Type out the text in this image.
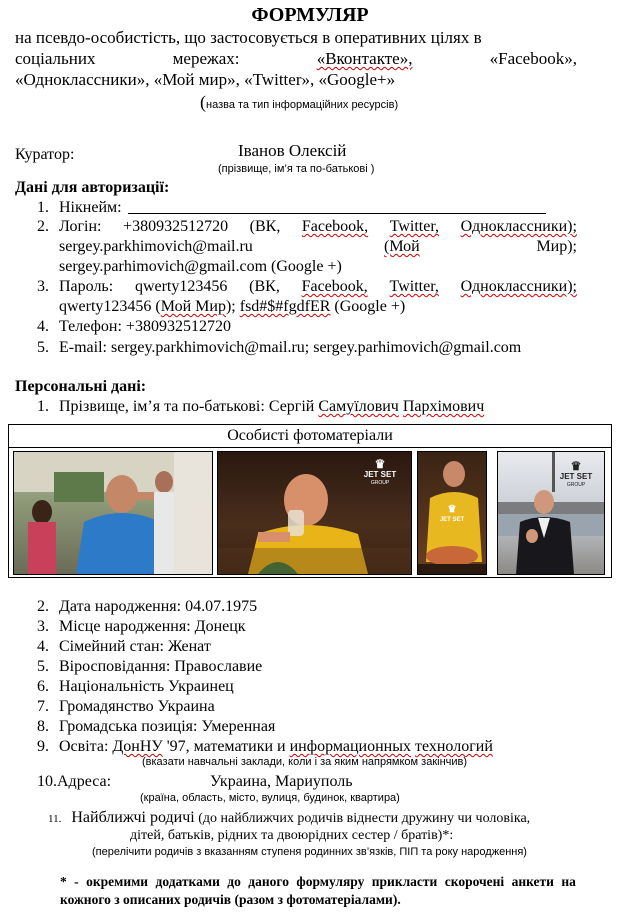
ФОРМУЛЯР
на псевдо-особистість, що застосовується в оперативних цілях в
соціальних	мережах:	«Вконтакте»,	«Facebook»,
«Одноклассники», «Мой мир», «Twitter», «Google+»
(назва та тип інформаційних ресурсів)
Куратор:	Іванов Олексій
(прізвище, ім’я та по-батькові )
Дані для авторизації:
1. Нікнейм:
2. Логін: +380932512720 (ВК, Facebook, Twitter, Одноклассники);
sergey.parkhimovich@mail.ru	(Мой	Мир);
sergey.parhimovich@gmail.com (Google +)
3. Пароль: qwerty123456 (ВК, Facebook, Twitter, Одноклассники);
qwerty123456 (Мой Мир); fsd#$#fgdfER (Google +)
4. Телефон: +380932512720
5. E-mail: sergey.parkhimovich@mail.ru; sergey.parhimovich@gmail.com
Персональні дані:
1. Прізвище, ім’я та по-батькові: Сергій Самуїлович Пархімович
Особисті фотоматеріали
♛
JET SET
GROUP
♛
JET SET
♛
JET SET
GROUP
2. Дата народження: 04.07.1975
3. Місце народження: Донецк
4. Сімейний стан: Женат
5. Віросповідання: Православие
6. Національність Украинец
7. Громадянство Украина
8. Громадська позиція: Умеренная
9. Освіта: ДонНУ '97, математики и информационных технологий
(вказати навчальні заклади, коли і за яким напрямком закінчив)
10.Адреса:	Украина, Мариуполь
(країна, область, місто, вулиця, будинок, квартира)
11. Найближчі родичі (до найближчих родичів віднести дружину чи чоловіка,
дітей, батьків, рідних та двоюрідних сестер / братів)*:
(перелічити родичів з вказанням ступеня родинних зв’язків, ПІП та року народження)
* - окремими додатками до даного формуляру прикласти скорочені анкети на
кожного з описаних родичів (разом з фотоматеріалами).
